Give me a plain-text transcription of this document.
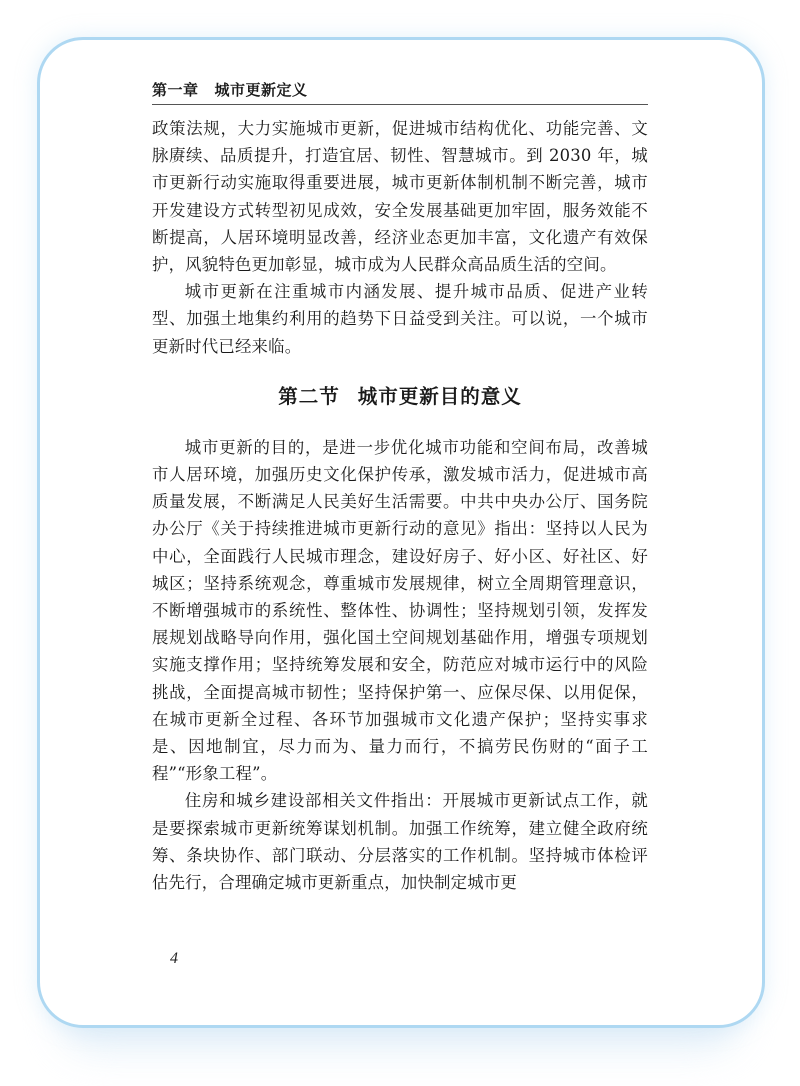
第一章 城市更新定义

政策法规，大力实施城市更新，促进城市结构优化、功能完善、文脉赓续、品质提升，打造宜居、韧性、智慧城市。到 2030 年，城市更新行动实施取得重要进展，城市更新体制机制不断完善，城市开发建设方式转型初见成效，安全发展基础更加牢固，服务效能不断提高，人居环境明显改善，经济业态更加丰富，文化遗产有效保护，风貌特色更加彰显，城市成为人民群众高品质生活的空间。

城市更新在注重城市内涵发展、提升城市品质、促进产业转型、加强土地集约利用的趋势下日益受到关注。可以说，一个城市更新时代已经来临。

第二节 城市更新目的意义

城市更新的目的，是进一步优化城市功能和空间布局，改善城市人居环境，加强历史文化保护传承，激发城市活力，促进城市高质量发展，不断满足人民美好生活需要。中共中央办公厅、国务院办公厅《关于持续推进城市更新行动的意见》指出：坚持以人民为中心，全面践行人民城市理念，建设好房子、好小区、好社区、好城区；坚持系统观念，尊重城市发展规律，树立全周期管理意识，不断增强城市的系统性、整体性、协调性；坚持规划引领，发挥发展规划战略导向作用，强化国土空间规划基础作用，增强专项规划实施支撑作用；坚持统筹发展和安全，防范应对城市运行中的风险挑战，全面提高城市韧性；坚持保护第一、应保尽保、以用促保，在城市更新全过程、各环节加强城市文化遗产保护；坚持实事求是、因地制宜，尽力而为、量力而行，不搞劳民伤财的“面子工程”“形象工程”。

住房和城乡建设部相关文件指出：开展城市更新试点工作，就是要探索城市更新统筹谋划机制。加强工作统筹，建立健全政府统筹、条块协作、部门联动、分层落实的工作机制。坚持城市体检评估先行，合理确定城市更新重点，加快制定城市更

4
